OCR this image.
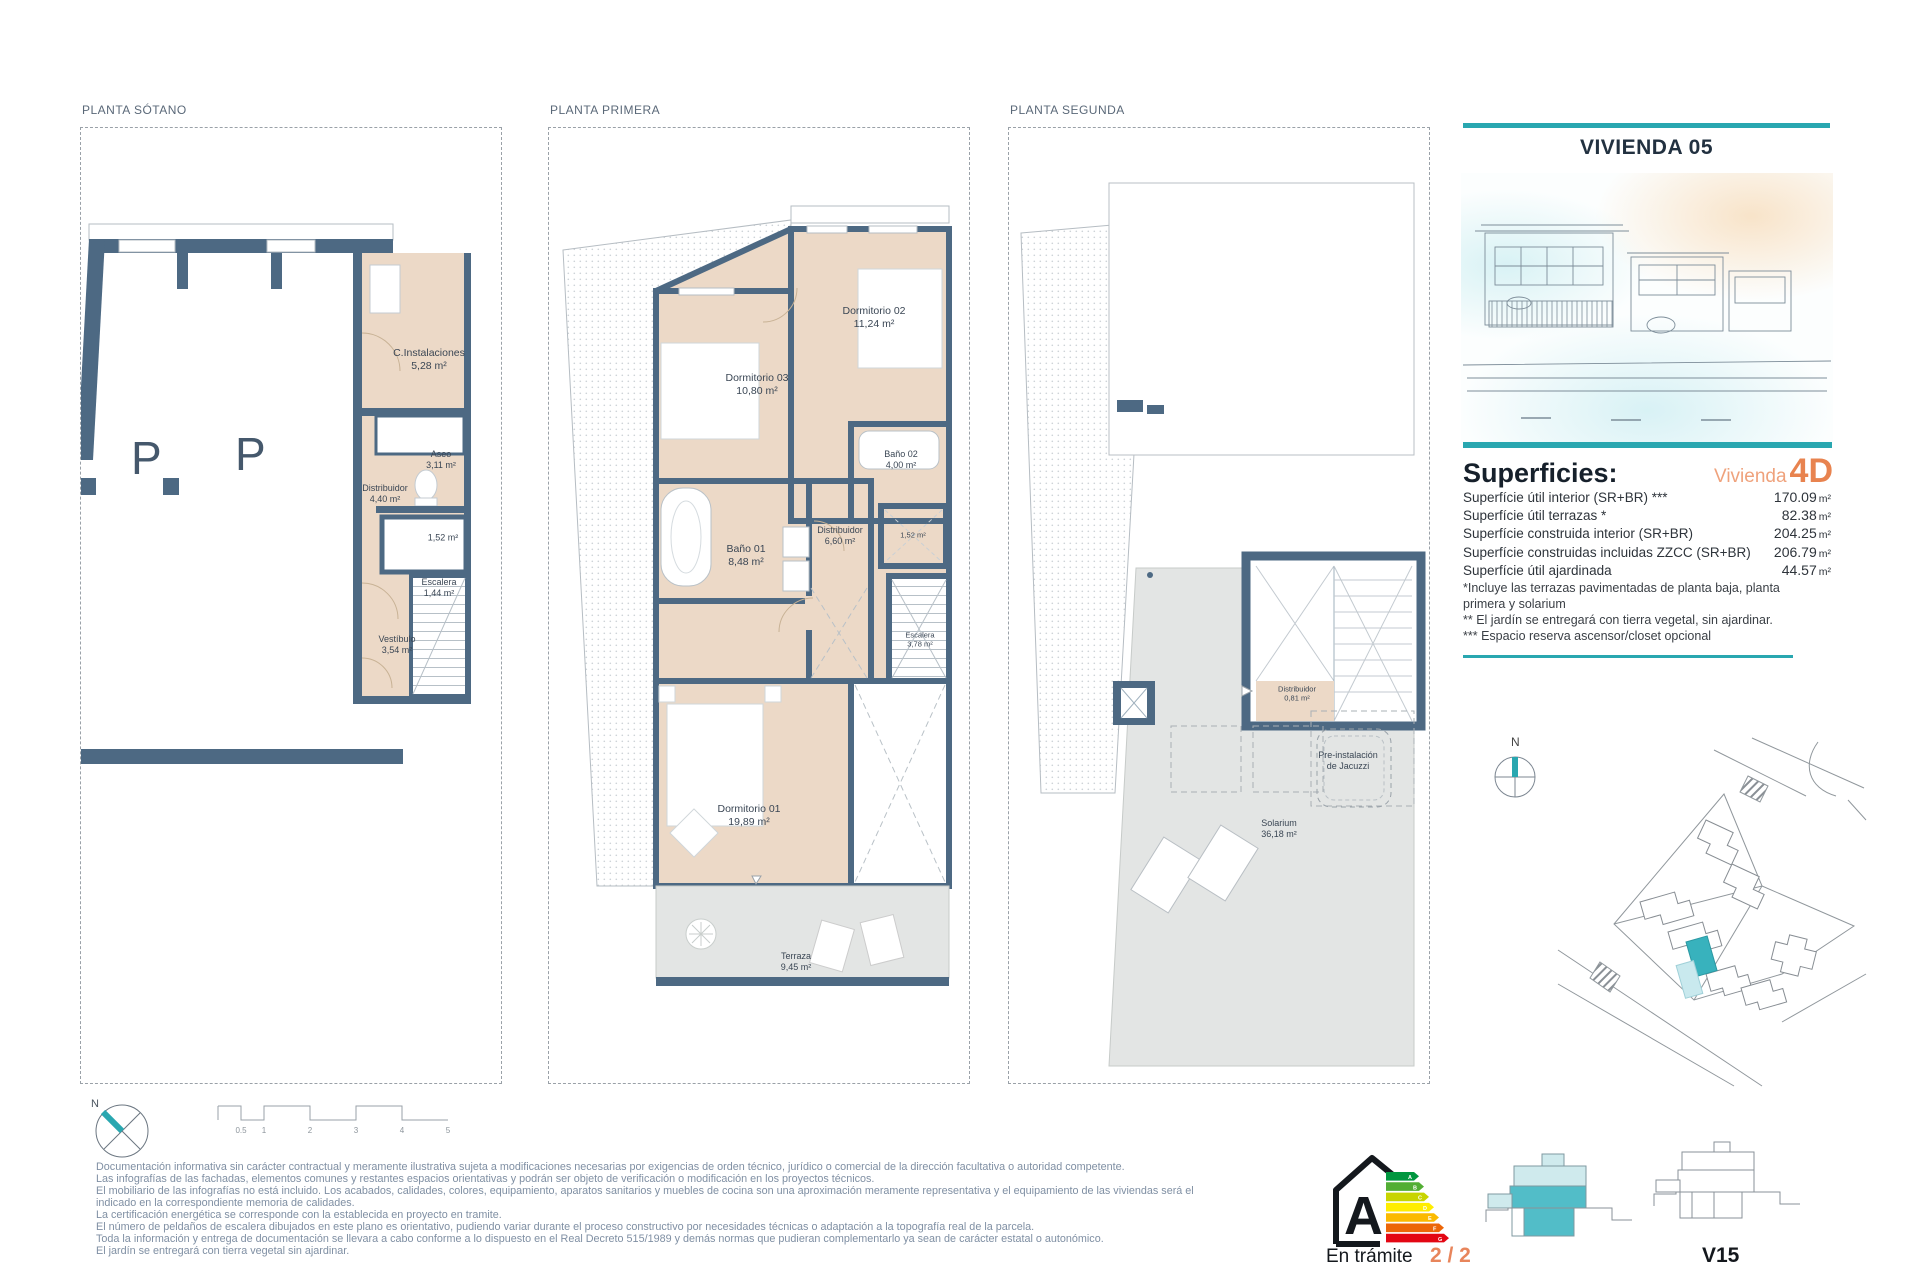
PLANTA SÓTANO	PLANTA PRIMERA	PLANTA SEGUNDA
P P
C.Instalaciones
5,28 m²
Aseo
3,11 m²
Distribuidor
4,40 m²
1,52 m²
Escalera
1,44 m²
Vestíbulo
3,54 m²
Dormitorio 02
11,24 m²
Dormitorio 03
10,80 m²
Baño 02
4,00 m²
Baño 01
8,48 m²
Distribuidor
6,60 m²
1,52 m²
Escalera
3,78 m²
Dormitorio 01
19,89 m²
Terraza
9,45 m²
Distribuidor
0,81 m²
Pre-instalación
de Jacuzzi
Solarium
36,18 m²
VIVIENDA 05
Superficies:	Vivienda4D
Superfície útil interior (SR+BR) ***	170.09 m²
Superfície útil terrazas *	82.38 m²
Superfície construida interior (SR+BR)	204.25 m²
Superfície construidas incluidas ZZCC (SR+BR)	206.79 m²
Superfície útil ajardinada	44.57 m²
*Incluye las terrazas pavimentadas de planta baja, planta primera y solarium
** El jardín se entregará con tierra vegetal, sin ajardinar.
*** Espacio reserva ascensor/closet opcional
N
N
0.5 1	2	3	4	5
Documentación informativa sin carácter contractual y meramente ilustrativa sujeta a modificaciones necesarias por exigencias de orden técnico, jurídico o comercial de la dirección facultativa o autoridad competente.
Las infografías de las fachadas, elementos comunes y restantes espacios orientativas y podrán ser objeto de verificación o modificación en los proyectos técnicos.
El mobiliario de las infografías no está incluido. Los acabados, calidades, colores, equipamiento, aparatos sanitarios y muebles de cocina son una aproximación meramente representativa y el equipamiento de las viviendas será el
indicado en la correspondiente memoria de calidades.
La certificación energética se corresponde con la establecida en proyecto en tramite.
El número de peldaños de escalera dibujados en este plano es orientativo, pudiendo variar durante el proceso constructivo por necesidades técnicas o adaptación a la topografía real de la parcela.
Toda la información y entrega de documentación se llevara a cabo conforme a lo dispuesto en el Real Decreto 515/1989 y demás normas que pudieran complementarlo ya sean de carácter estatal o autonómico.
El jardín se entregará con tierra vegetal sin ajardinar.
A
A
B
C
D
E
F
G
En trámite 2 / 2	V15
